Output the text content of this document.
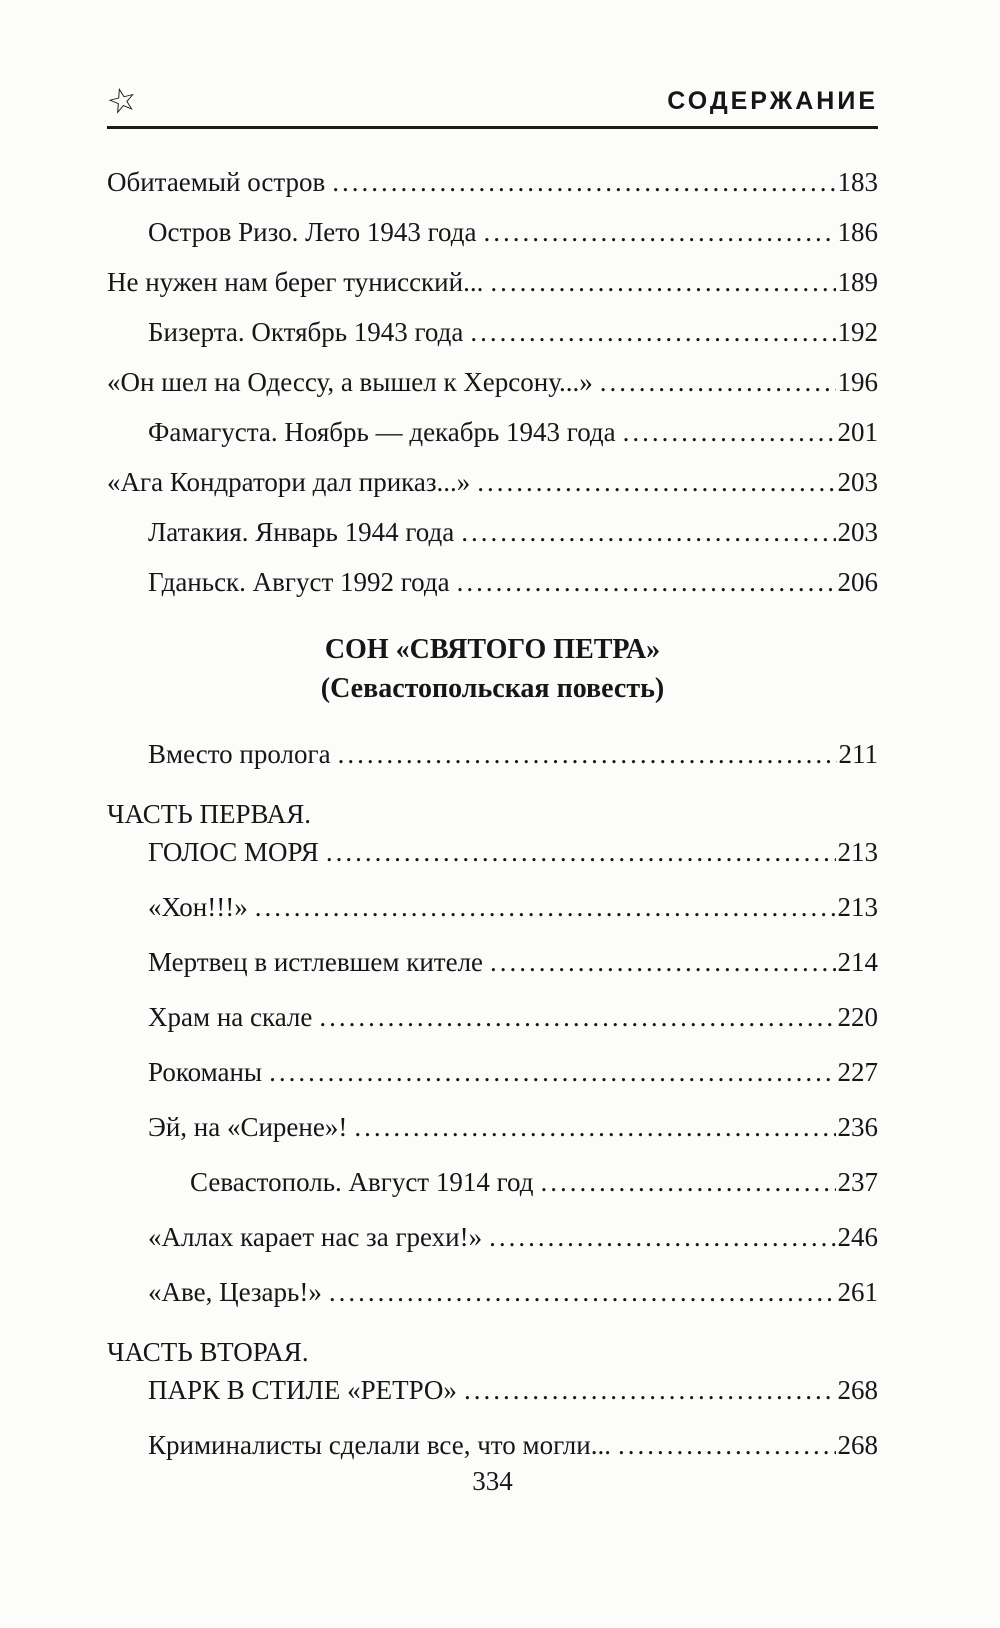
☆	СОДЕРЖАНИЕ
Обитаемый остров .....	183
Остров Ризо. Лето 1943 года .....	186
Не нужен нам берег тунисский... .....	189
Бизерта. Октябрь 1943 года .....	192
«Он шел на Одессу, а вышел к Херсону...» .....	196
Фамагуста. Ноябрь — декабрь 1943 года .....	201
«Ага Кондратори дал приказ...» .....	203
Латакия. Январь 1944 года .....	203
Гданьск. Август 1992 года .....	206
СОН «СВЯТОГО ПЕТРА»
(Севастопольская повесть)
Вместо пролога .....	211
ЧАСТЬ ПЕРВАЯ.
ГОЛОС МОРЯ .....	213
«Хон!!!» .....	213
Мертвец в истлевшем кителе .....	214
Храм на скале .....	220
Рокоманы .....	227
Эй, на «Сирене»! .....	236
Севастополь. Август 1914 год .....	237
«Аллах карает нас за грехи!» .....	246
«Аве, Цезарь!» .....	261
ЧАСТЬ ВТОРАЯ.
ПАРК В СТИЛЕ «РЕТРО» .....	268
Криминалисты сделали все, что могли... .....	268
334
